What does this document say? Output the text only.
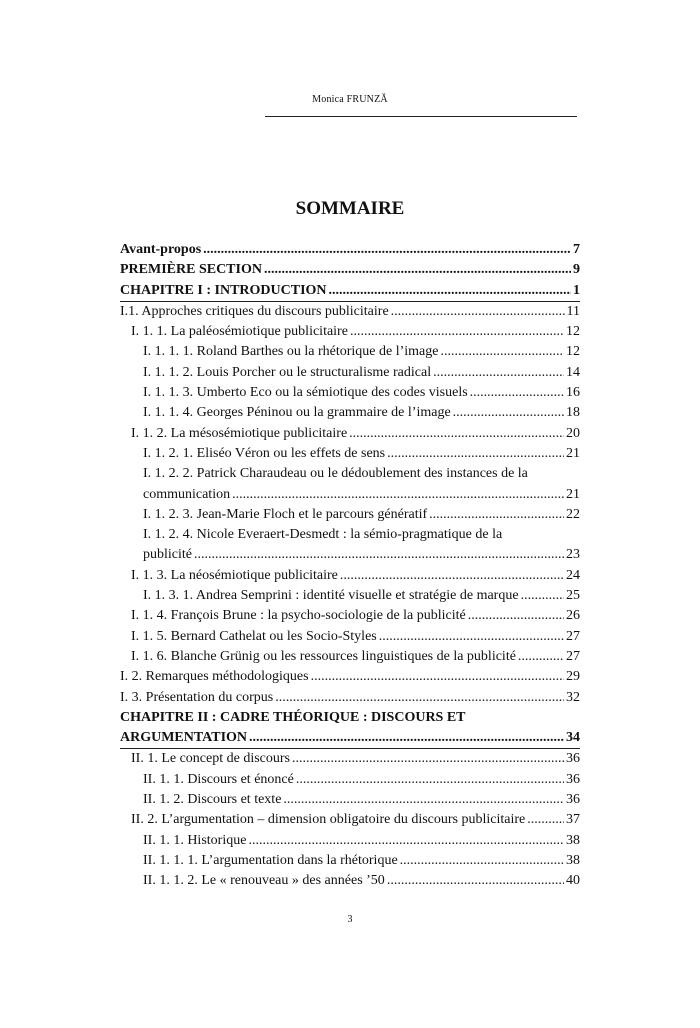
Monica FRUNZĂ
SOMMAIRE
Avant-propos .....	7
PREMIÈRE SECTION .....	9
CHAPITRE I : INTRODUCTION .....	1
I.1. Approches critiques du discours publicitaire .....	11
I. 1. 1. La paléosémiotique publicitaire .....	12
I. 1. 1. 1. Roland Barthes ou la rhétorique de l’image .....	12
I. 1. 1. 2. Louis Porcher ou le structuralisme radical .....	14
I. 1. 1. 3. Umberto Eco ou la sémiotique des codes visuels .....	16
I. 1. 1. 4. Georges Péninou ou la grammaire de l’image .....	18
I. 1. 2. La mésosémiotique publicitaire .....	20
I. 1. 2. 1. Eliséo Véron ou les effets de sens .....	21
I. 1. 2. 2. Patrick Charaudeau ou le dédoublement des instances de la
communication .....	21
I. 1. 2. 3. Jean-Marie Floch et le parcours génératif .....	22
I. 1. 2. 4. Nicole Everaert-Desmedt : la sémio-pragmatique de la
publicité .....	23
I. 1. 3. La néosémiotique publicitaire .....	24
I. 1. 3. 1. Andrea Semprini : identité visuelle et stratégie de marque .....	25
I. 1. 4. François Brune : la psycho-sociologie de la publicité .....	26
I. 1. 5. Bernard Cathelat ou les Socio-Styles .....	27
I. 1. 6. Blanche Grünig ou les ressources linguistiques de la publicité .....	27
I. 2. Remarques méthodologiques .....	29
I. 3. Présentation du corpus .....	32
CHAPITRE II : CADRE THÉORIQUE : DISCOURS ET
ARGUMENTATION .....	34
II. 1. Le concept de discours .....	36
II. 1. 1. Discours et énoncé .....	36
II. 1. 2. Discours et texte .....	36
II. 2. L’argumentation – dimension obligatoire du discours publicitaire .....	37
II. 1. 1. Historique .....	38
II. 1. 1. 1. L’argumentation dans la rhétorique .....	38
II. 1. 1. 2. Le « renouveau » des années ’50 .....	40
3
